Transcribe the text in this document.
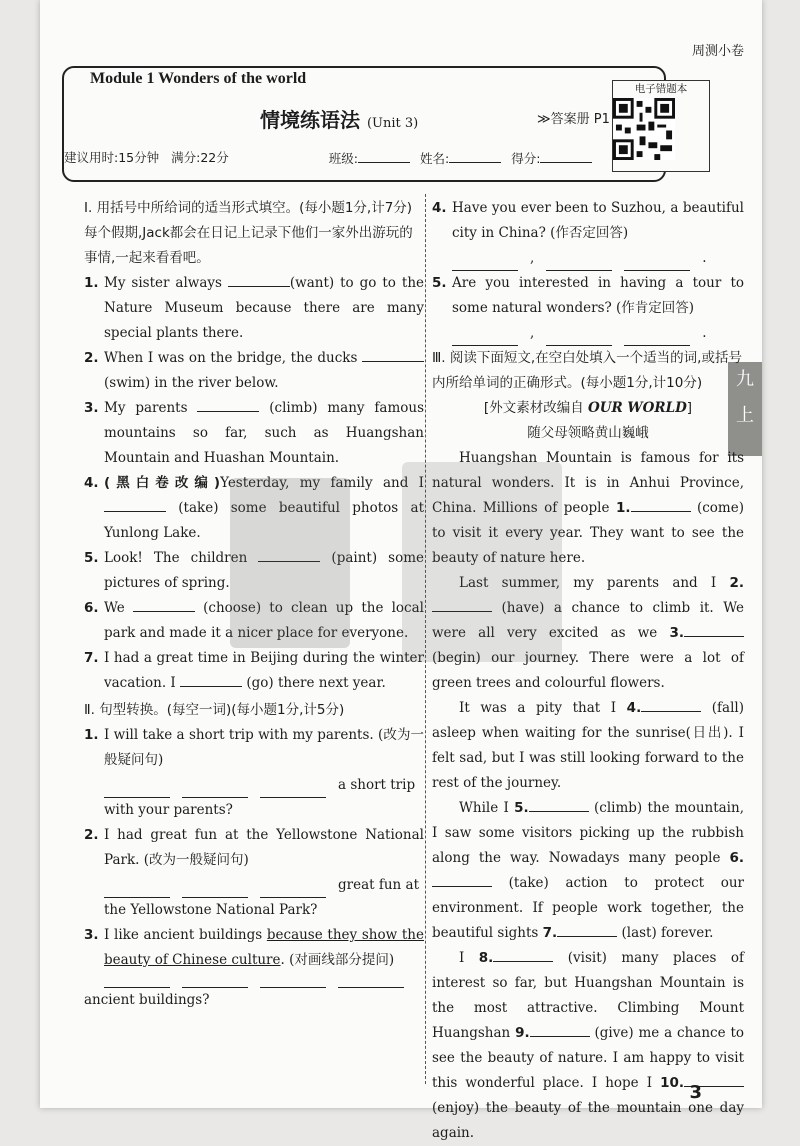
周测小卷
Module 1 Wonders of the world
情境练语法 (Unit 3)	≫答案册 P1
电子错题本
建议用时:15分钟 满分:22分	班级:	姓名:	得分:
九
上
Ⅰ. 用括号中所给词的适当形式填空。(每小题1分,计7分)
每个假期,Jack都会在日记上记录下他们一家外出游玩的事情,一起来看看吧。
1. My sister always	(want) to go to the Nature Museum because there are many special plants there.
2. When I was on the bridge, the ducks  (swim) in the river below.
3. My parents	(climb) many famous mountains so far, such as Huangshan Mountain and Huashan Mountain.
4. (黑白卷改编)Yesterday, my family and I  (take) some beautiful photos at Yunlong Lake.
5. Look! The children	(paint) some pictures of spring.
6. We	(choose) to clean up the local park and made it a nicer place for everyone.
7. I had a great time in Beijing during the winter vacation. I	(go) there next year.
Ⅱ. 句型转换。(每空一词)(每小题1分,计5分)
1. I will take a short trip with my parents. (改为一般疑问句)
a short trip
with your parents?
2. I had great fun at the Yellowstone National Park. (改为一般疑问句)
great fun at
the Yellowstone National Park?
3. I like ancient buildings because they show the beauty of Chinese culture. (对画线部分提问)
ancient buildings?
4. Have you ever been to Suzhou, a beautiful city in China? (作否定回答)
,	.
5. Are you interested in having a tour to some natural wonders? (作肯定回答)
,	.
Ⅲ. 阅读下面短文,在空白处填入一个适当的词,或括号内所给单词的正确形式。(每小题1分,计10分)
[外文素材改编自 OUR WORLD]
随父母领略黄山巍峨
Huangshan Mountain is famous for its natural wonders. It is in Anhui Province, China. Millions of people 1.	(come) to visit it every year. They want to see the beauty of nature here.
Last summer, my parents and I 2. (have) a chance to climb it. We were all very excited as we 3. (begin) our journey. There were a lot of green trees and colourful flowers.
It was a pity that I 4.	(fall) asleep when waiting for the sunrise(日出). I felt sad, but I was still looking forward to the rest of the journey.
While I 5.	(climb) the mountain, I saw some visitors picking up the rubbish along the way. Nowadays many people 6. (take) action to protect our environment. If people work together, the beautiful sights 7.	(last) forever.
I 8.	(visit) many places of interest so far, but Huangshan Mountain is the most attractive. Climbing Mount Huangshan 9.	(give) me a chance to see the beauty of nature. I am happy to visit this wonderful place. I hope I 10. (enjoy) the beauty of the mountain one day again.
3
